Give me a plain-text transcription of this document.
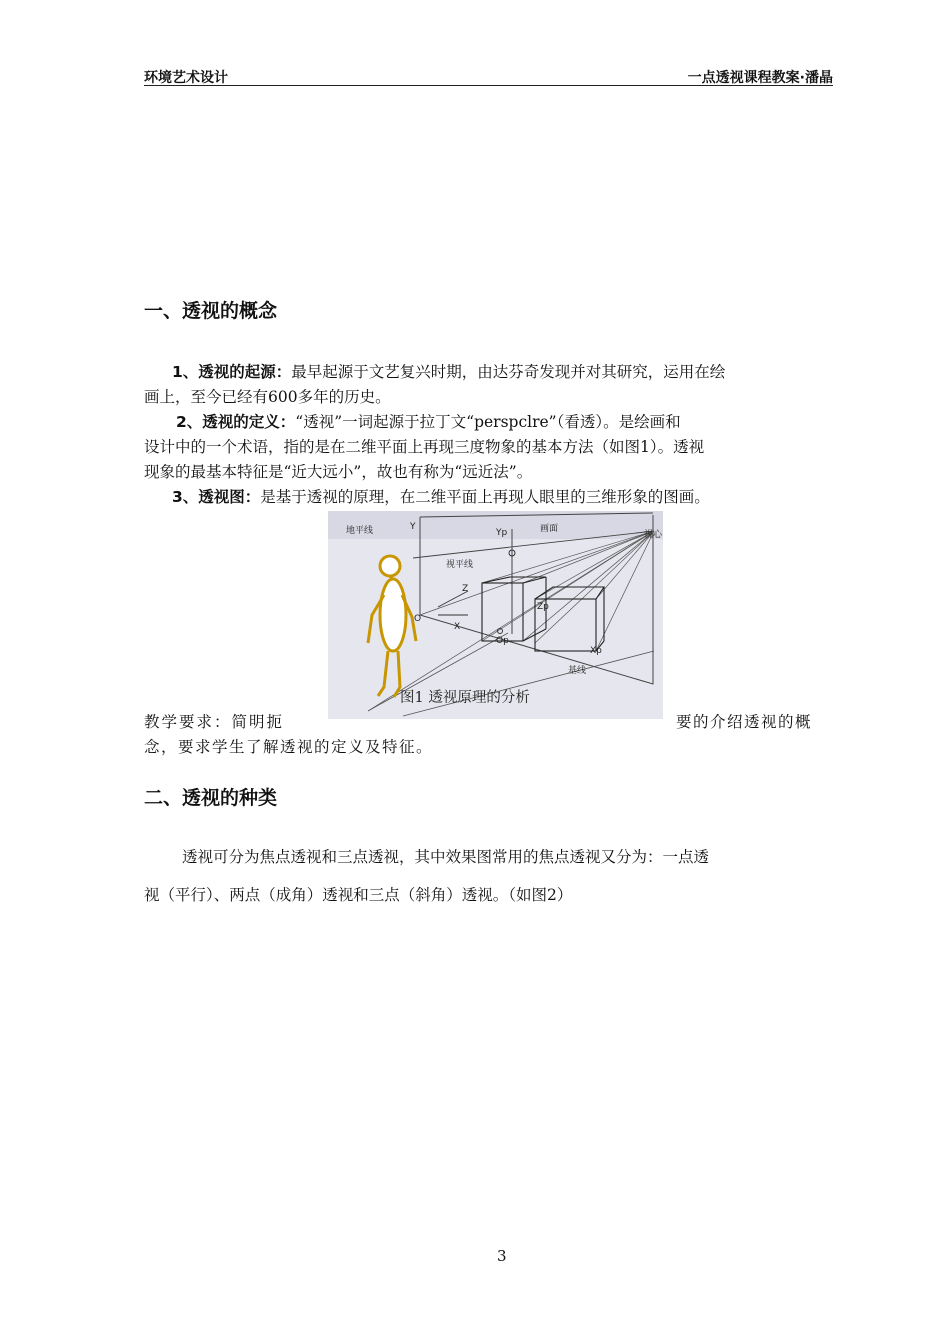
环境艺术设计	一点透视课程教案·潘晶
一、透视的概念
1、透视的起源：最早起源于文艺复兴时期，由达芬奇发现并对其研究，运用在绘
画上，至今已经有600多年的历史。
2、透视的定义：“透视”一词起源于拉丁文“perspclre”（看透）。是绘画和
设计中的一个术语，指的是在二维平面上再现三度物象的基本方法（如图1）。透视
现象的最基本特征是“近大远小”，故也有称为“远近法”。
3、透视图：是基于透视的原理，在二维平面上再现人眼里的三维形象的图画。
地平线
视平线
画面
视心
基线
Y
Yp
Z
Zp
X
Xp
O
Op
图1 透视原理的分析
教学要求：简明扼	要的介绍透视的概
念，要求学生了解透视的定义及特征。
二、透视的种类
透视可分为焦点透视和三点透视，其中效果图常用的焦点透视又分为：一点透
视（平行）、两点（成角）透视和三点（斜角）透视。（如图2）
3
